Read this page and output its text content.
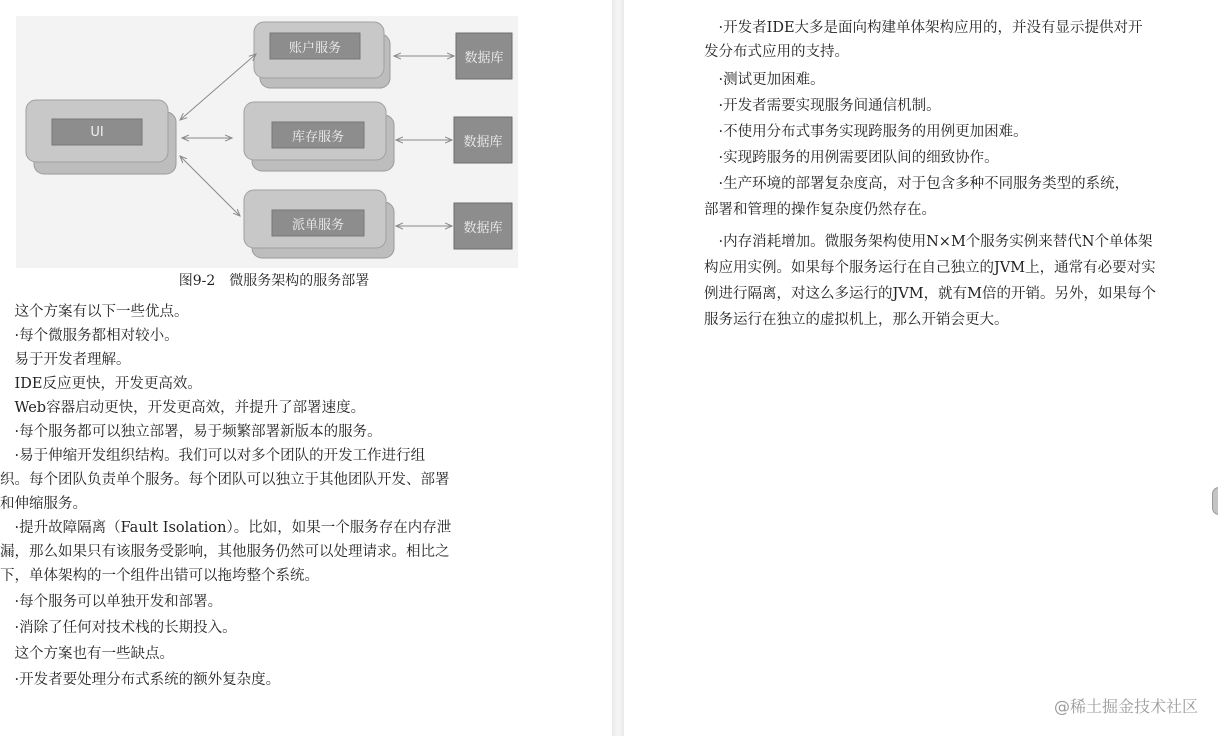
UI
账户服务
库存服务
派单服务
数据库
数据库
数据库
图9-2　微服务架构的服务部署
　这个方案有以下一些优点。
　·每个微服务都相对较小。
　易于开发者理解。
　IDE反应更快，开发更高效。
　Web容器启动更快，开发更高效，并提升了部署速度。
　·每个服务都可以独立部署，易于频繁部署新版本的服务。
　·易于伸缩开发组织结构。我们可以对多个团队的开发工作进行组
织。每个团队负责单个服务。每个团队可以独立于其他团队开发、部署
和伸缩服务。
　·提升故障隔离（Fault Isolation）。比如，如果一个服务存在内存泄
漏，那么如果只有该服务受影响，其他服务仍然可以处理请求。相比之
下，单体架构的一个组件出错可以拖垮整个系统。
　·每个服务可以单独开发和部署。
　·消除了任何对技术栈的长期投入。
　这个方案也有一些缺点。
　·开发者要处理分布式系统的额外复杂度。
　·开发者IDE大多是面向构建单体架构应用的，并没有显示提供对开
发分布式应用的支持。
　·测试更加困难。
　·开发者需要实现服务间通信机制。
　·不使用分布式事务实现跨服务的用例更加困难。
　·实现跨服务的用例需要团队间的细致协作。
　·生产环境的部署复杂度高，对于包含多种不同服务类型的系统，
部署和管理的操作复杂度仍然存在。
　·内存消耗增加。微服务架构使用N×M个服务实例来替代N个单体架
构应用实例。如果每个服务运行在自己独立的JVM上，通常有必要对实
例进行隔离，对这么多运行的JVM，就有M倍的开销。另外，如果每个
服务运行在独立的虚拟机上，那么开销会更大。
@稀土掘金技术社区
